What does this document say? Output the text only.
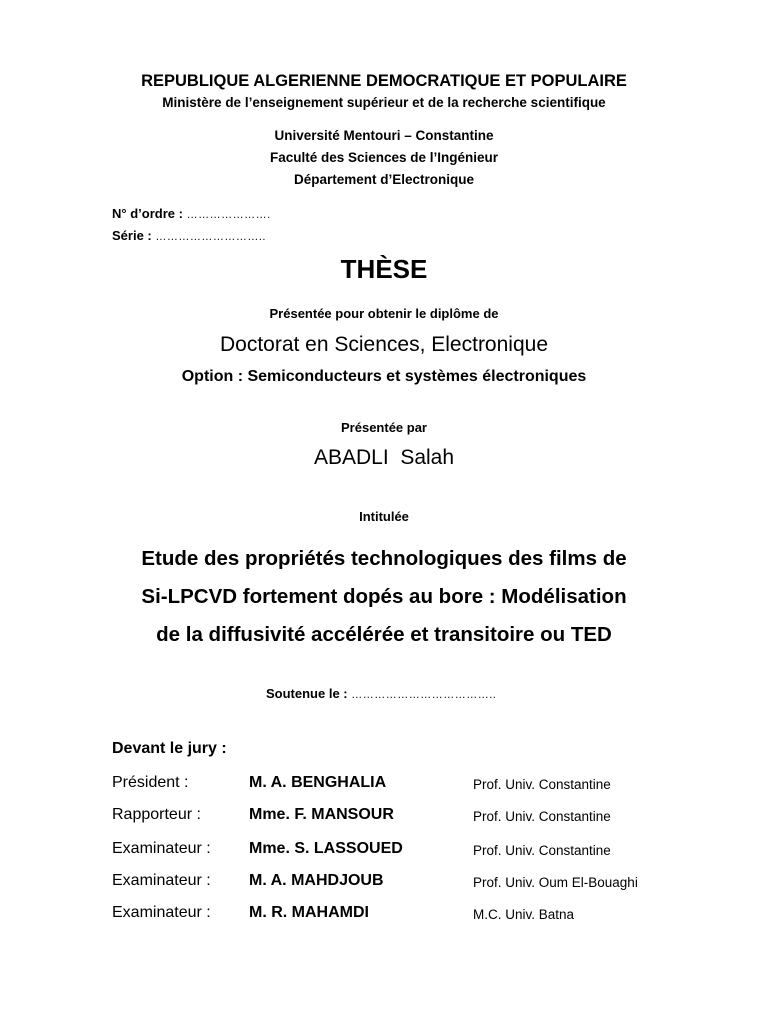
REPUBLIQUE ALGERIENNE DEMOCRATIQUE ET POPULAIRE
Ministère de l’enseignement supérieur et de la recherche scientifique
Université Mentouri – Constantine
Faculté des Sciences de l’Ingénieur
Département d’Electronique
N° d’ordre : ………………….
Série : ………………………..
THÈSE
Présentée pour obtenir le diplôme de
Doctorat en Sciences, Electronique
Option : Semiconducteurs et systèmes électroniques
Présentée par
ABADLI  Salah
Intitulée
Etude des propriétés technologiques des films de
Si-LPCVD fortement dopés au bore : Modélisation
de la diffusivité accélérée et transitoire ou TED
Soutenue le : ………………………………..
Devant le jury :
Président :	M. A. BENGHALIA	Prof. Univ. Constantine
Rapporteur :	Mme. F. MANSOUR	Prof. Univ. Constantine
Examinateur : Mme. S. LASSOUED	Prof. Univ. Constantine
Examinateur : M. A. MAHDJOUB	Prof. Univ. Oum El-Bouaghi
Examinateur : M. R. MAHAMDI	M.C. Univ. Batna
